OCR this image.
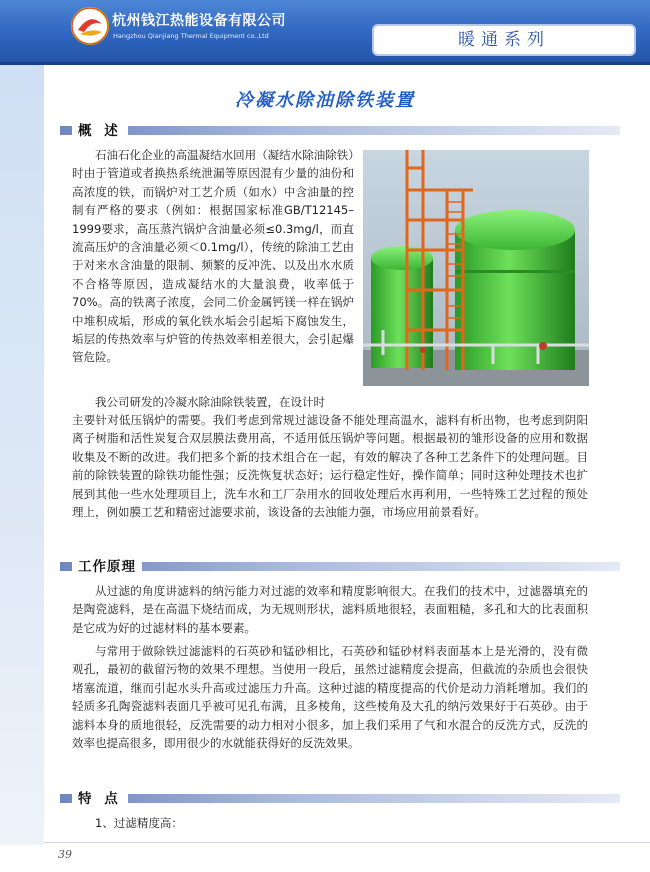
杭州钱江热能设备有限公司
Hangzhou Qianjiang Thermal Equipment co.,Ltd	暖通系列
冷凝水除油除铁装置
概 述

石油石化企业的高温凝结水回用（凝结水除油除铁）时由于管道或者换热系统泄漏等原因混有少量的油份和高浓度的铁，而锅炉对工艺介质（如水）中含油量的控制有严格的要求（例如：根据国家标准GB/T12145–1999要求，高压蒸汽锅炉含油量必须≤0.3mg/l，而直流高压炉的含油量必须＜0.1mg/l），传统的除油工艺由于对来水含油量的限制、频繁的反冲洗、以及出水水质不合格等原因，造成凝结水的大量浪费，收率低于70%。高的铁离子浓度，会同二价金属钙镁一样在锅炉中堆积成垢，形成的氧化铁水垢会引起垢下腐蚀发生，垢层的传热效率与炉管的传热效率相差很大，会引起爆管危险。

我公司研发的冷凝水除油除铁装置，在设计时

主要针对低压锅炉的需要。我们考虑到常规过滤设备不能处理高温水，滤料有析出物，也考虑到阴阳离子树脂和活性炭复合双层膜法费用高，不适用低压锅炉等问题。根据最初的雏形设备的应用和数据收集及不断的改进。我们把多个新的技术组合在一起，有效的解决了各种工艺条件下的处理问题。目前的除铁装置的除铁功能性强；反洗恢复状态好；运行稳定性好，操作简单；同时这种处理技术也扩展到其他一些水处理项目上，洗车水和工厂杂用水的回收处理后水再利用，一些特殊工艺过程的预处理上，例如膜工艺和精密过滤要求前，该设备的去浊能力强，市场应用前景看好。

工作原理

从过滤的角度讲滤料的纳污能力对过滤的效率和精度影响很大。在我们的技术中，过滤器填充的是陶瓷滤料，是在高温下烧结而成，为无规则形状，滤料质地很轻，表面粗糙，多孔和大的比表面积是它成为好的过滤材料的基本要素。

与常用于做除铁过滤滤料的石英砂和锰砂相比，石英砂和锰砂材料表面基本上是光滑的，没有微观孔，最初的截留污物的效果不理想。当使用一段后，虽然过滤精度会提高，但截流的杂质也会很快堵塞流道，继而引起水头升高或过滤压力升高。这种过滤的精度提高的代价是动力消耗增加。我们的轻质多孔陶瓷滤料表面几乎被可见孔布满，且多棱角，这些棱角及大孔的纳污效果好于石英砂。由于滤料本身的质地很轻，反洗需要的动力相对小很多，加上我们采用了气和水混合的反洗方式，反洗的效率也提高很多，即用很少的水就能获得好的反洗效果。

特 点

1、过滤精度高：

39
